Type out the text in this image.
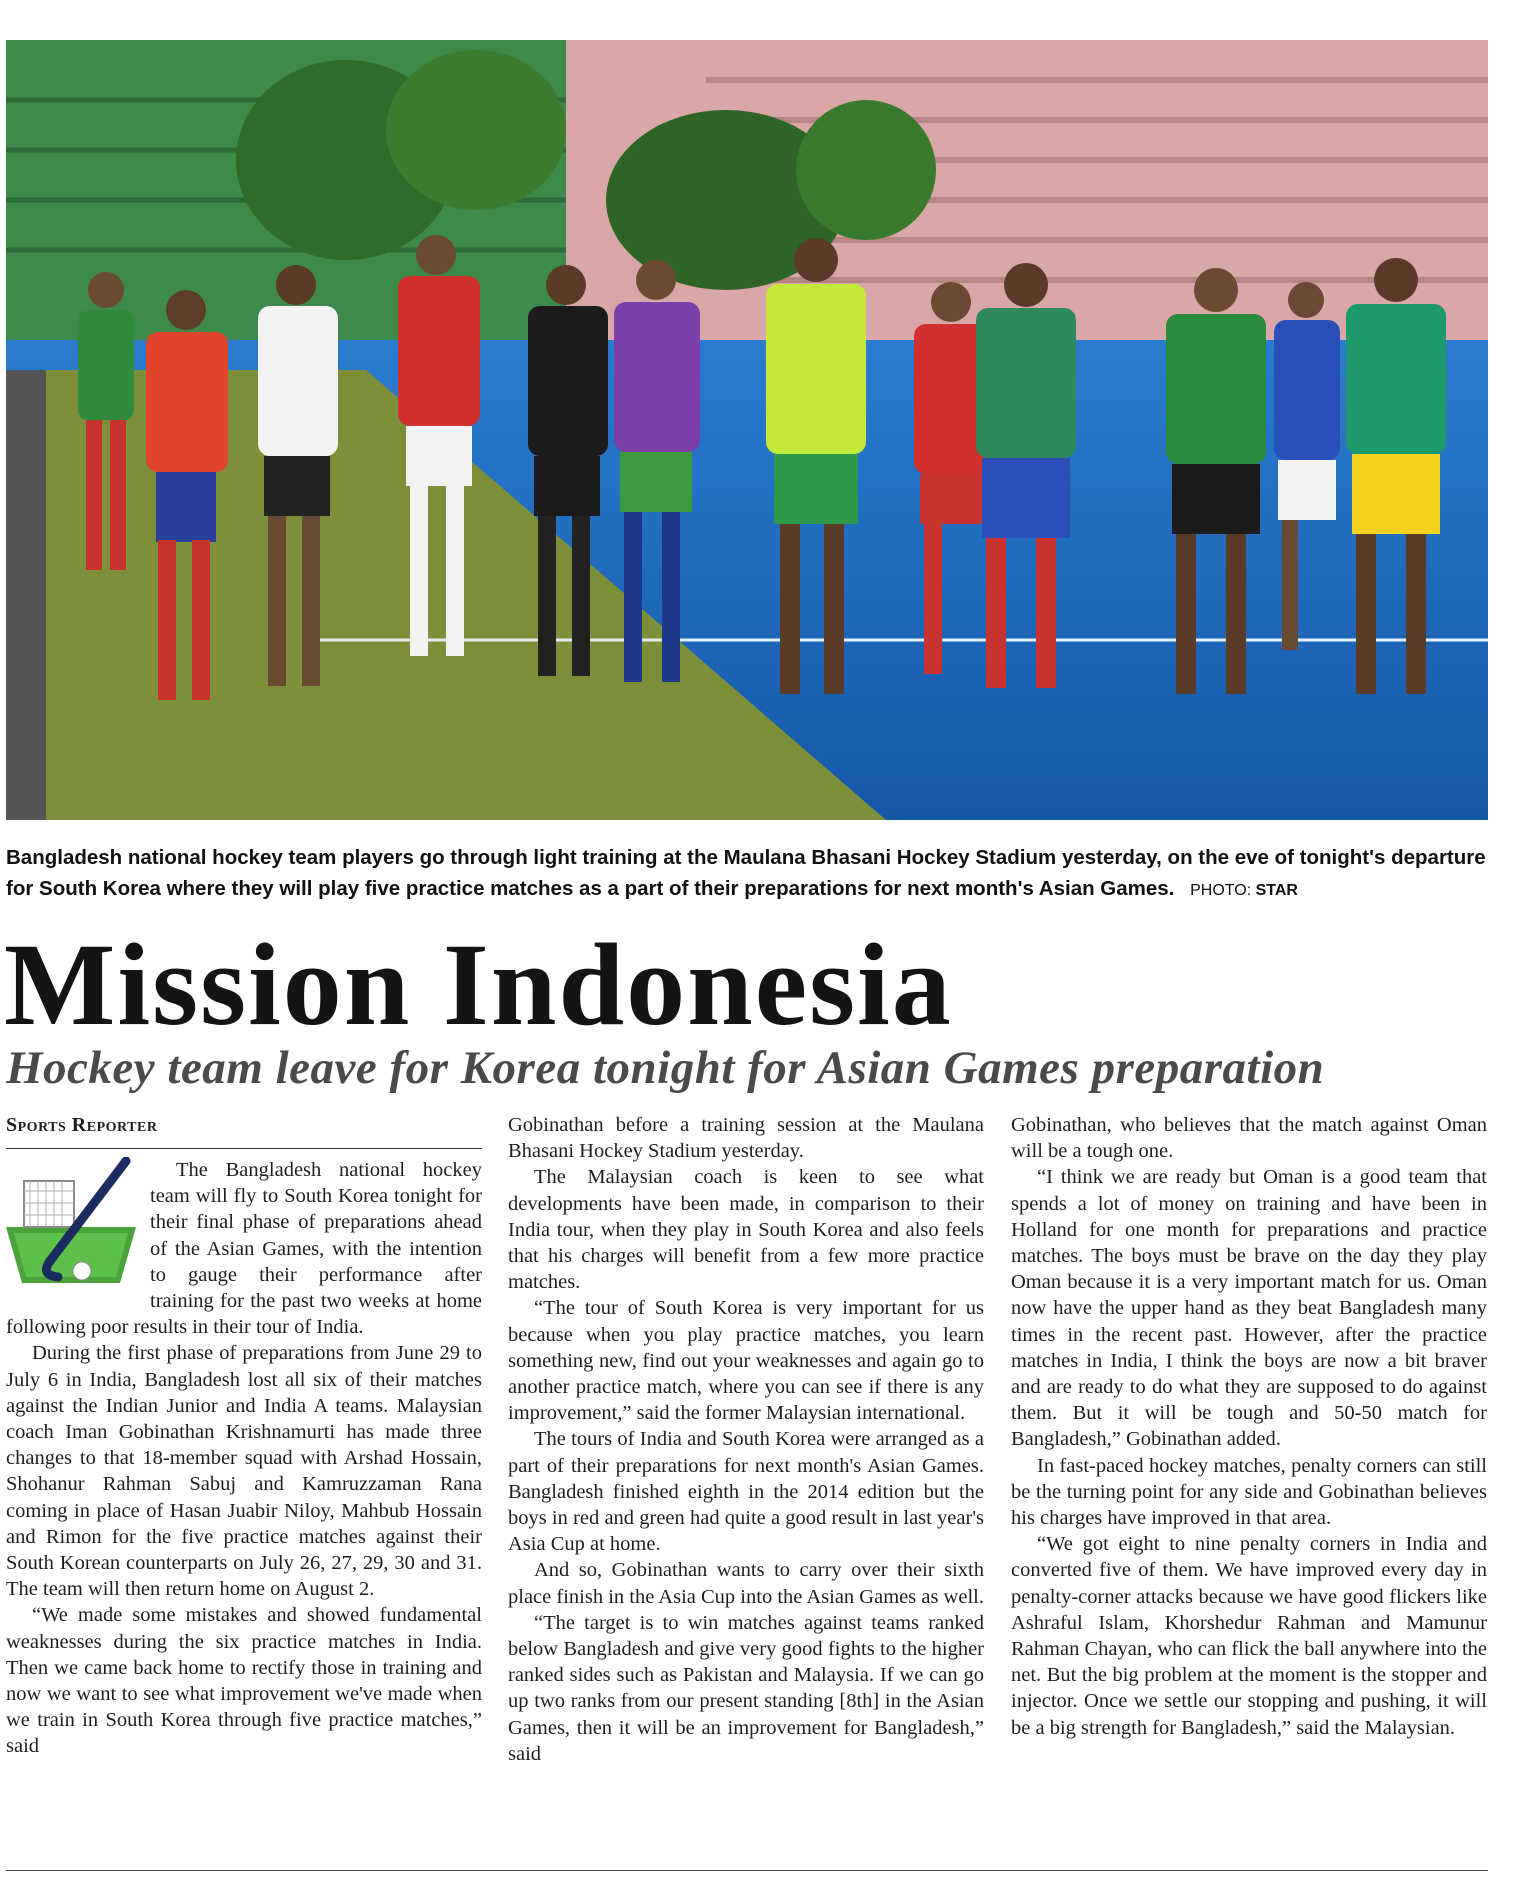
Bangladesh national hockey team players go through light training at the Maulana Bhasani Hockey Stadium yesterday, on the eve of tonight's departure for South Korea where they will play five practice matches as a part of their preparations for next month's Asian Games. PHOTO: STAR
Mission Indonesia
Hockey team leave for Korea tonight for Asian Games preparation
Sports Reporter

The Bangladesh national hockey team will fly to South Korea tonight for their final phase of preparations ahead of the Asian Games, with the intention to gauge their performance after training for the past two weeks at home following poor results in their tour of India.

During the first phase of preparations from June 29 to July 6 in India, Bangladesh lost all six of their matches against the Indian Junior and India A teams. Malaysian coach Iman Gobinathan Krishnamurti has made three changes to that 18-member squad with Arshad Hossain, Shohanur Rahman Sabuj and Kamruzzaman Rana coming in place of Hasan Juabir Niloy, Mahbub Hossain and Rimon for the five practice matches against their South Korean counterparts on July 26, 27, 29, 30 and 31. The team will then return home on August 2.

“We made some mistakes and showed fundamental weaknesses during the six practice matches in India. Then we came back home to rectify those in training and now we want to see what improvement we've made when we train in South Korea through five practice matches,” said

Gobinathan before a training session at the Maulana Bhasani Hockey Stadium yesterday.

The Malaysian coach is keen to see what developments have been made, in comparison to their India tour, when they play in South Korea and also feels that his charges will benefit from a few more practice matches.

“The tour of South Korea is very important for us because when you play practice matches, you learn something new, find out your weaknesses and again go to another practice match, where you can see if there is any improvement,” said the former Malaysian international.

The tours of India and South Korea were arranged as a part of their preparations for next month's Asian Games. Bangladesh finished eighth in the 2014 edition but the boys in red and green had quite a good result in last year's Asia Cup at home.

And so, Gobinathan wants to carry over their sixth place finish in the Asia Cup into the Asian Games as well.

“The target is to win matches against teams ranked below Bangladesh and give very good fights to the higher ranked sides such as Pakistan and Malaysia. If we can go up two ranks from our present standing [8th] in the Asian Games, then it will be an improvement for Bangladesh,” said

Gobinathan, who believes that the match against Oman will be a tough one.

“I think we are ready but Oman is a good team that spends a lot of money on training and have been in Holland for one month for preparations and practice matches. The boys must be brave on the day they play Oman because it is a very important match for us. Oman now have the upper hand as they beat Bangladesh many times in the recent past. However, after the practice matches in India, I think the boys are now a bit braver and are ready to do what they are supposed to do against them. But it will be tough and 50-50 match for Bangladesh,” Gobinathan added.

In fast-paced hockey matches, penalty corners can still be the turning point for any side and Gobinathan believes his charges have improved in that area.

“We got eight to nine penalty corners in India and converted five of them. We have improved every day in penalty-corner attacks because we have good flickers like Ashraful Islam, Khorshedur Rahman and Mamunur Rahman Chayan, who can flick the ball anywhere into the net. But the big problem at the moment is the stopper and injector. Once we settle our stopping and pushing, it will be a big strength for Bangladesh,” said the Malaysian.
